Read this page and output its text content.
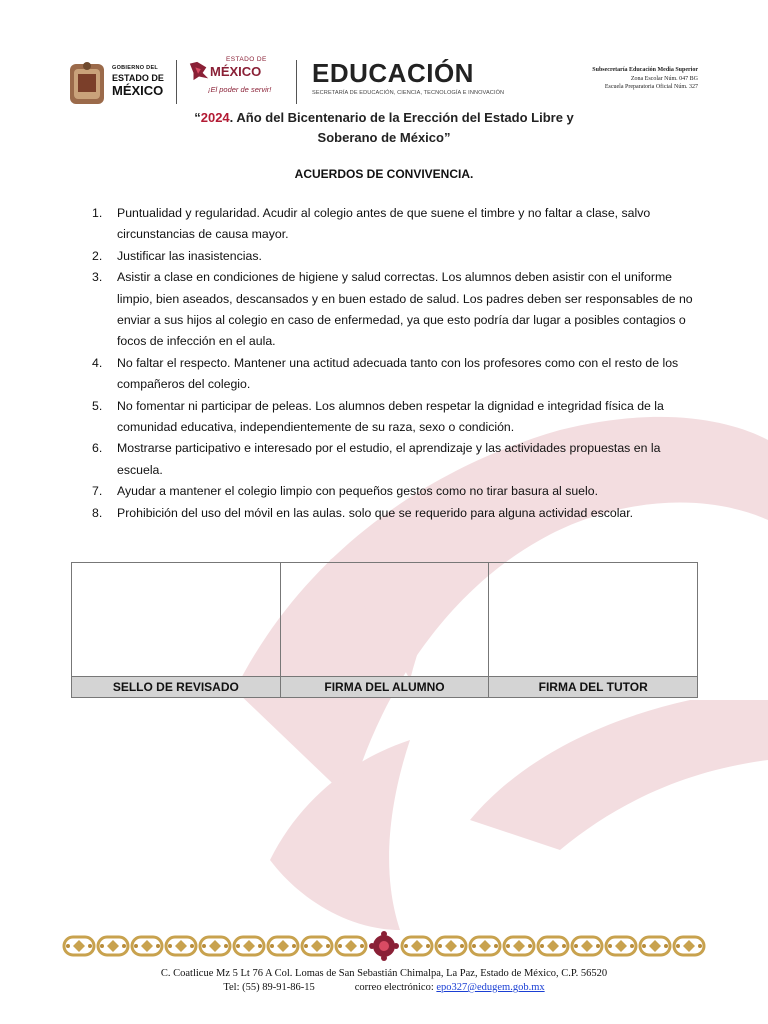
GOBIERNO DEL
ESTADO DE
MÉXICO
ESTADO DE
MÉXICO
¡El poder de servir!
EDUCACIÓN
SECRETARÍA DE EDUCACIÓN, CIENCIA, TECNOLOGÍA E INNOVACIÓN
Subsecretaría Educación Media Superior
Zona Escolar Núm. 047 BG
Escuela Preparatoria Oficial Núm. 327
“2024. Año del Bicentenario de la Erección del Estado Libre y
Soberano de México”
ACUERDOS DE CONVIVENCIA.
1. Puntualidad y regularidad. Acudir al colegio antes de que suene el timbre y no faltar a clase, salvo circunstancias de causa mayor.
2. Justificar las inasistencias.
3. Asistir a clase en condiciones de higiene y salud correctas. Los alumnos deben asistir con el uniforme limpio, bien aseados, descansados y en buen estado de salud. Los padres deben ser responsables de no enviar a sus hijos al colegio en caso de enfermedad, ya que esto podría dar lugar a posibles contagios o focos de infección en el aula.
4. No faltar el respecto. Mantener una actitud adecuada tanto con los profesores como con el resto de los compañeros del colegio.
5. No fomentar ni participar de peleas. Los alumnos deben respetar la dignidad e integridad física de la comunidad educativa, independientemente de su raza, sexo o condición.
6. Mostrarse participativo e interesado por el estudio, el aprendizaje y las actividades propuestas en la escuela.
7. Ayudar a mantener el colegio limpio con pequeños gestos como no tirar basura al suelo.
8. Prohibición del uso del móvil en las aulas. solo que se requerido para alguna actividad escolar.
SELLO DE REVISADO	FIRMA DEL ALUMNO	FIRMA DEL TUTOR
C. Coatlicue Mz 5 Lt 76 A Col. Lomas de San Sebastián Chimalpa, La Paz, Estado de México, C.P. 56520
Tel: (55) 89-91-86-15	correo electrónico: epo327@edugem.gob.mx
